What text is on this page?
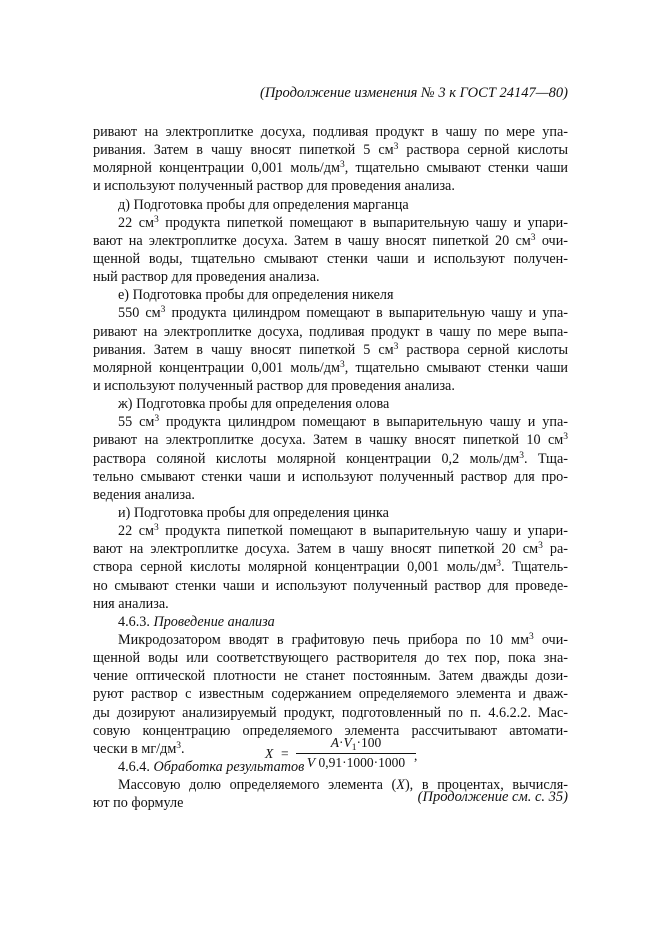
(Продолжение изменения № 3 к ГОСТ 24147—80)
ривают на электроплитке досуха, подливая продукт в чашу по мере упа-
ривания. Затем в чашу вносят пипеткой 5 $см^3$ раствора серной кислоты
молярной концентрации 0,001 моль/$дм^3$, тщательно смывают стенки чаши
и используют полученный раствор для проведения анализа.
д) Подготовка пробы для определения марганца
22 $см^3$ продукта пипеткой помещают в выпарительную чашу и упари-
вают на электроплитке досуха. Затем в чашу вносят пипеткой 20 $см^3$ очи-
щенной воды, тщательно смывают стенки чаши и используют получен-
ный раствор для проведения анализа.
е) Подготовка пробы для определения никеля
550 $см^3$ продукта цилиндром помещают в выпарительную чашу и упа-
ривают на электроплитке досуха, подливая продукт в чашу по мере выпа-
ривания. Затем в чашу вносят пипеткой 5 $см^3$ раствора серной кислоты
молярной концентрации 0,001 моль/$дм^3$, тщательно смывают стенки чаши
и используют полученный раствор для проведения анализа.
ж) Подготовка пробы для определения олова
55 $см^3$ продукта цилиндром помещают в выпарительную чашу и упа-
ривают на электроплитке досуха. Затем в чашку вносят пипеткой 10 $см^3$
раствора соляной кислоты молярной концентрации 0,2 моль/$дм^3$. Тща-
тельно смывают стенки чаши и используют полученный раствор для про-
ведения анализа.
и) Подготовка пробы для определения цинка
22 $см^3$ продукта пипеткой помещают в выпарительную чашу и упари-
вают на электроплитке досуха. Затем в чашу вносят пипеткой 20 $см^3$ ра-
створа серной кислоты молярной концентрации 0,001 моль/$дм^3$. Тщатель-
но смывают стенки чаши и используют полученный раствор для проведе-
ния анализа.
4.6.3. Проведение анализа
Микродозатором вводят в графитовую печь прибора по 10 $мм^3$ очи-
щенной воды или соответствующего растворителя до тех пор, пока зна-
чение оптической плотности не станет постоянным. Затем дважды дози-
руют раствор с известным содержанием определяемого элемента и дваж-
ды дозируют анализируемый продукт, подготовленный по п. 4.6.2.2. Мас-
совую концентрацию определяемого элемента рассчитывают автомати-
чески в $мг/дм^3$.
4.6.4. Обработка результатов
Массовую долю определяемого элемента (X), в процентах, вычисля-
ют по формуле
X =
$A\cdot V_1\cdot 100$
V 0,91·1000·1000 ,
(Продолжение см. с. 35)
